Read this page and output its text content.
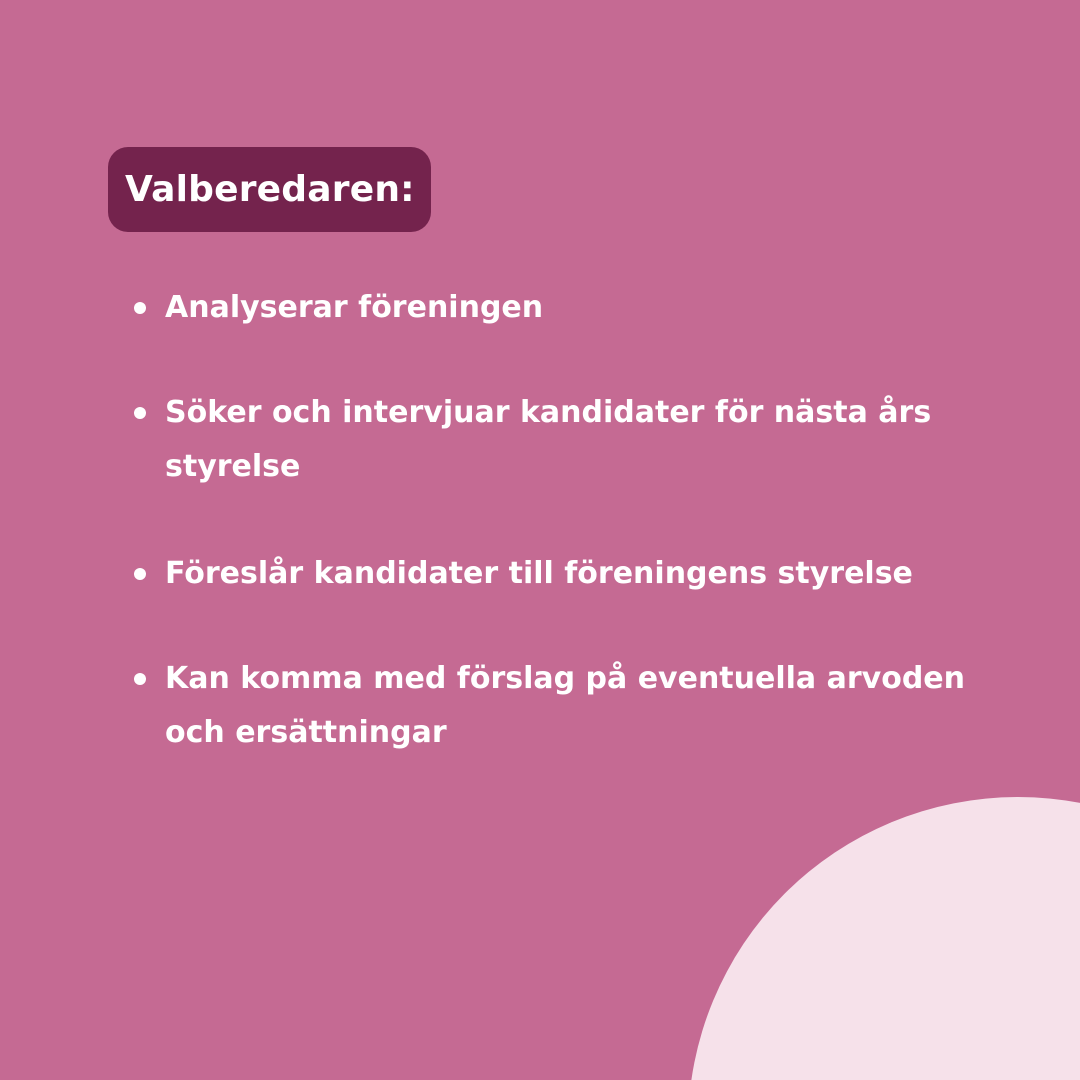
Valberedaren:
Analyserar föreningen
Söker och intervjuar kandidater för nästa års styrelse
Föreslår kandidater till föreningens styrelse
Kan komma med förslag på eventuella arvoden och ersättningar
